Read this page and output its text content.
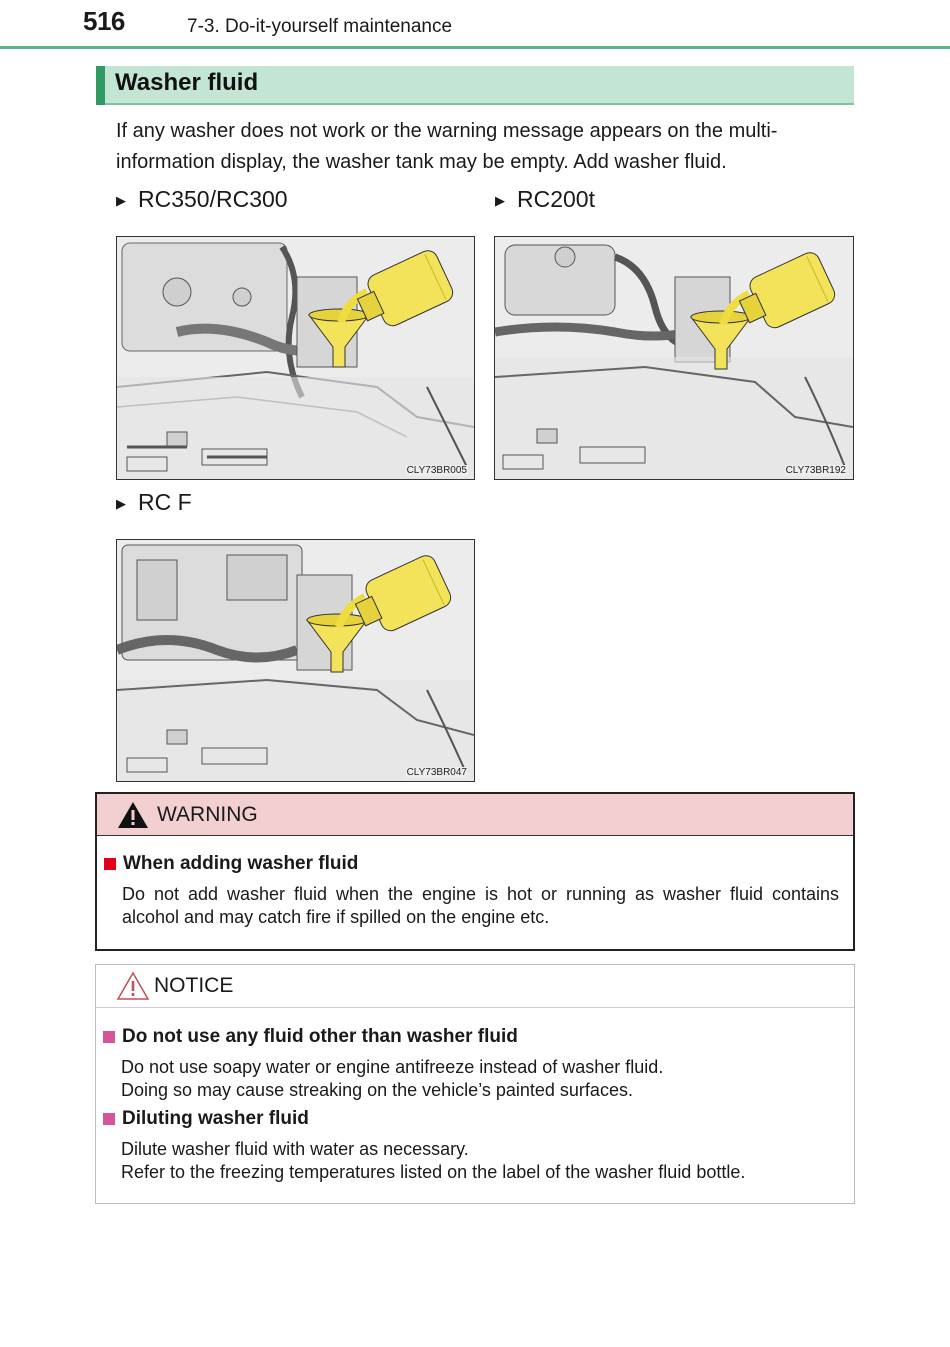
516	7-3. Do-it-yourself maintenance
Washer fluid
If any washer does not work or the warning message appears on the multi-information display, the washer tank may be empty. Add washer fluid.
▶ RC350/RC300	▶ RC200t
▶ RC F
CLY73BR005	CLY73BR192
CLY73BR047
WARNING
When adding washer fluid
Do not add washer fluid when the engine is hot or running as washer fluid contains alcohol and may catch fire if spilled on the engine etc.
NOTICE
Do not use any fluid other than washer fluid
Do not use soapy water or engine antifreeze instead of washer fluid.
Doing so may cause streaking on the vehicle’s painted surfaces.
Diluting washer fluid
Dilute washer fluid with water as necessary.
Refer to the freezing temperatures listed on the label of the washer fluid bottle.
